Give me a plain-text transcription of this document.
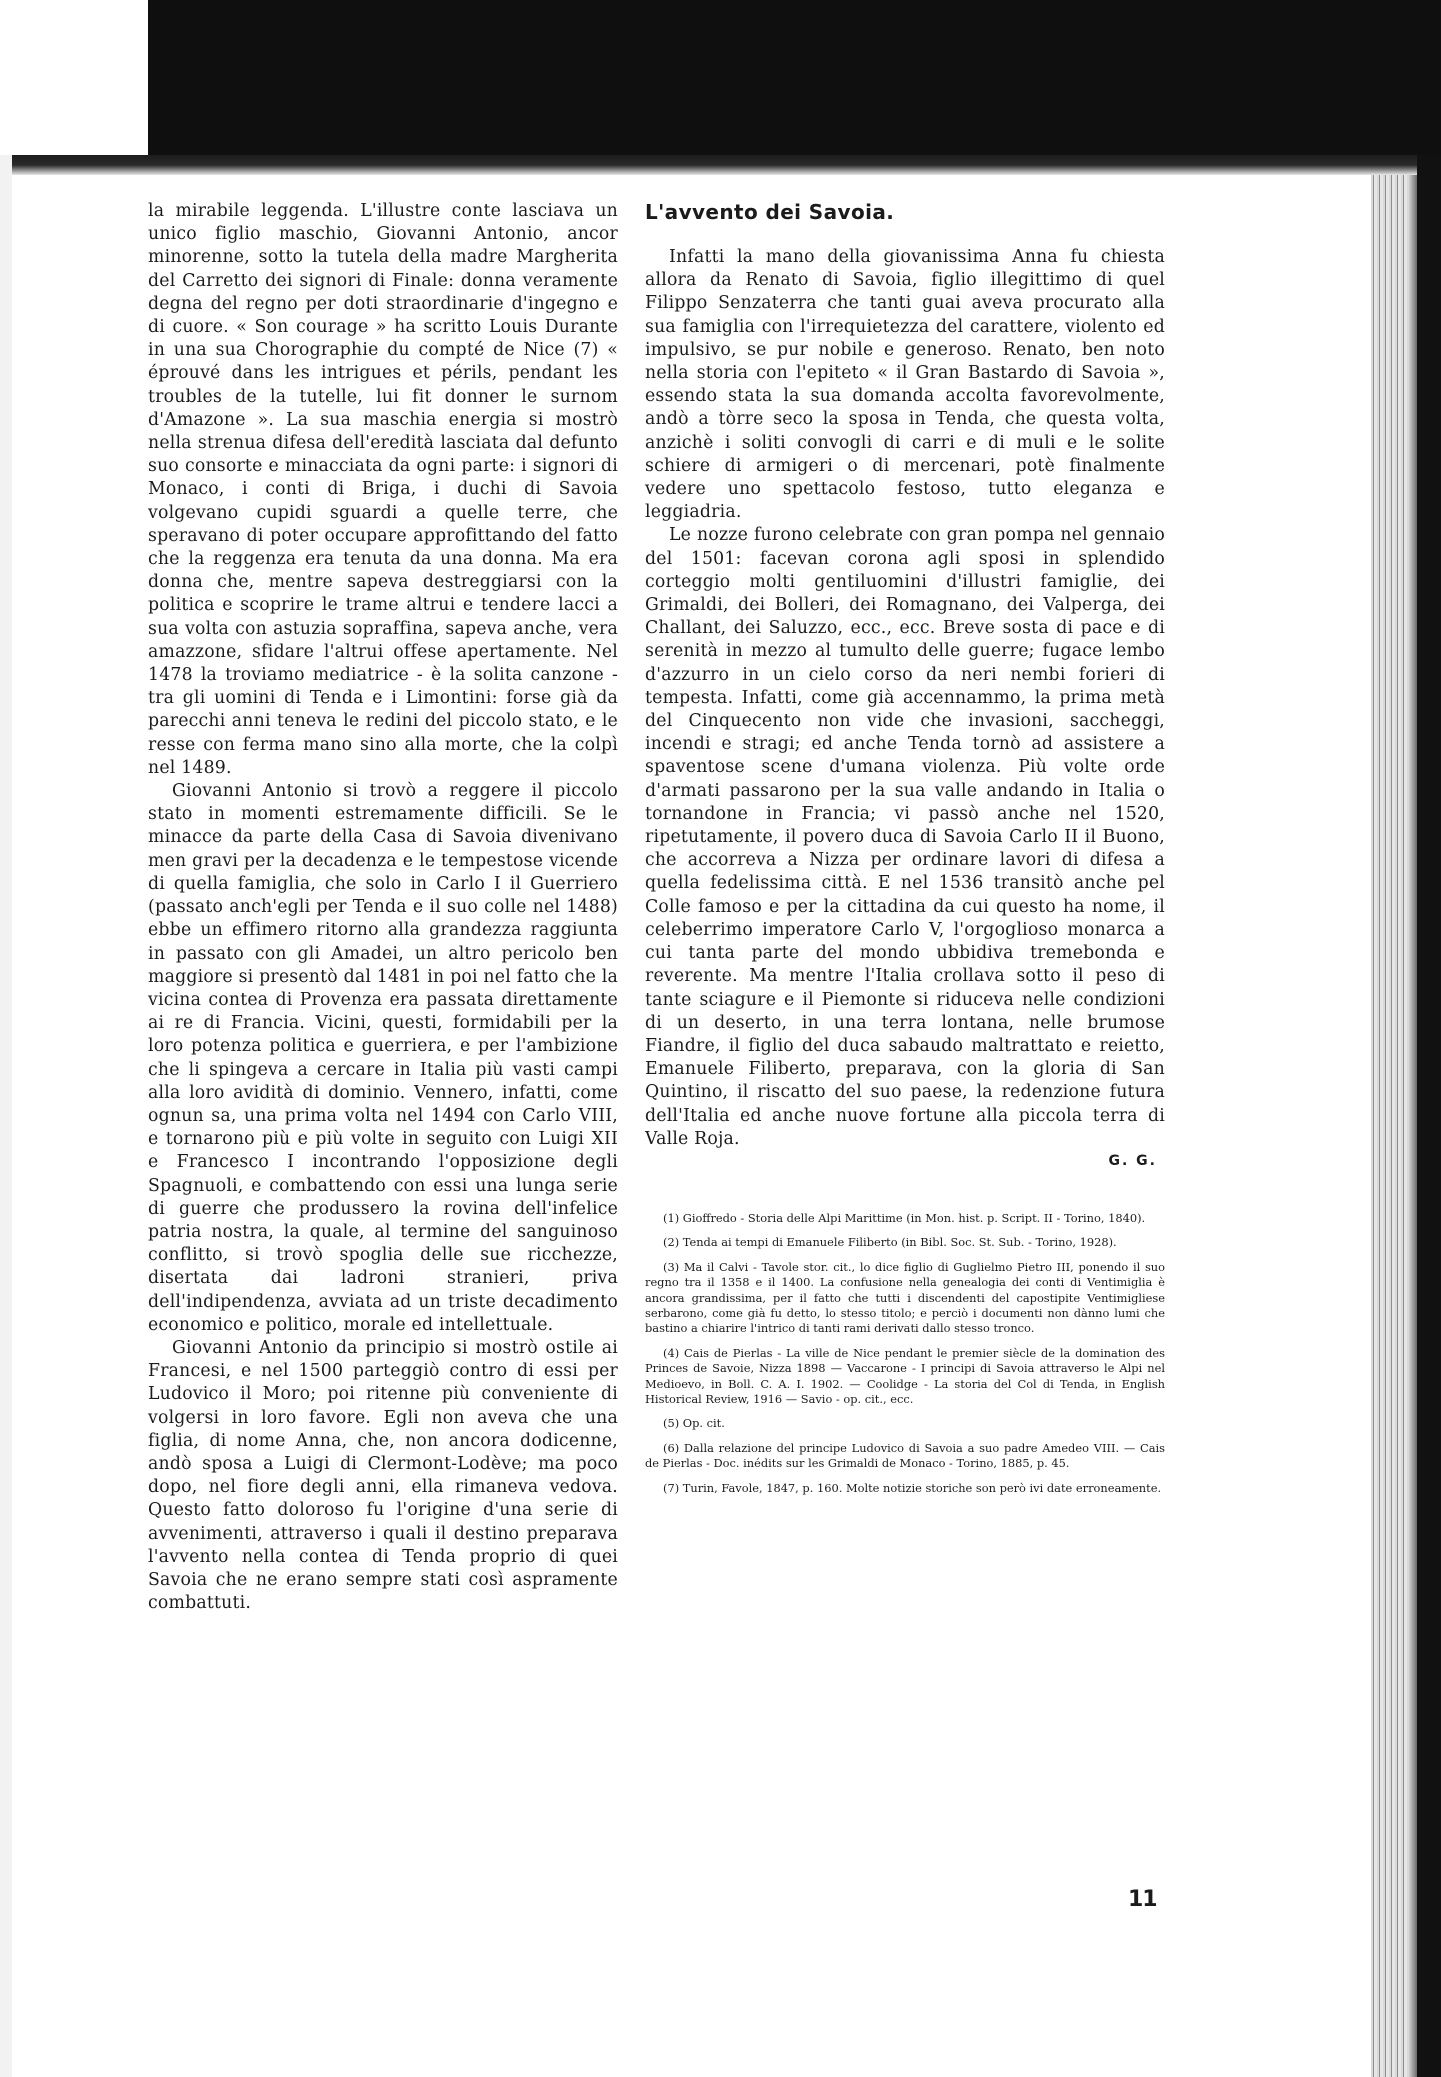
la mirabile leggenda. L'illustre conte lasciava un unico figlio maschio, Giovanni Antonio, ancor minorenne, sotto la tutela della madre Margherita del Carretto dei signori di Finale: donna veramente degna del regno per doti straordinarie d'ingegno e di cuore. « Son courage » ha scritto Louis Durante in una sua Chorographie du compté de Nice (7) « éprouvé dans les intrigues et périls, pendant les troubles de la tutelle, lui fit donner le surnom d'Amazone ». La sua maschia energia si mostrò nella strenua difesa dell'eredità lasciata dal defunto suo consorte e minacciata da ogni parte: i signori di Monaco, i conti di Briga, i duchi di Savoia volgevano cupidi sguardi a quelle terre, che speravano di poter occupare approfittando del fatto che la reggenza era tenuta da una donna. Ma era donna che, mentre sapeva destreggiarsi con la politica e scoprire le trame altrui e tendere lacci a sua volta con astuzia sopraffina, sapeva anche, vera amazzone, sfidare l'altrui offese apertamente. Nel 1478 la troviamo mediatrice - è la solita canzone - tra gli uomini di Tenda e i Limontini: forse già da parecchi anni teneva le redini del piccolo stato, e le resse con ferma mano sino alla morte, che la colpì nel 1489.

Giovanni Antonio si trovò a reggere il piccolo stato in momenti estremamente difficili. Se le minacce da parte della Casa di Savoia divenivano men gravi per la decadenza e le tempestose vicende di quella famiglia, che solo in Carlo I il Guerriero (passato anch'egli per Tenda e il suo colle nel 1488) ebbe un effimero ritorno alla grandezza raggiunta in passato con gli Amadei, un altro pericolo ben maggiore si presentò dal 1481 in poi nel fatto che la vicina contea di Provenza era passata direttamente ai re di Francia. Vicini, questi, formidabili per la loro potenza politica e guerriera, e per l'ambizione che li spingeva a cercare in Italia più vasti campi alla loro avidità di dominio. Vennero, infatti, come ognun sa, una prima volta nel 1494 con Carlo VIII, e tornarono più e più volte in seguito con Luigi XII e Francesco I incontrando l'opposizione degli Spagnuoli, e combattendo con essi una lunga serie di guerre che produssero la rovina dell'infelice patria nostra, la quale, al termine del sanguinoso conflitto, si trovò spoglia delle sue ricchezze, disertata dai ladroni stranieri, priva dell'indipendenza, avviata ad un triste decadimento economico e politico, morale ed intellettuale.

Giovanni Antonio da principio si mostrò ostile ai Francesi, e nel 1500 parteggiò contro di essi per Ludovico il Moro; poi ritenne più conveniente di volgersi in loro favore. Egli non aveva che una figlia, di nome Anna, che, non ancora dodicenne, andò sposa a Luigi di Clermont-Lodève; ma poco dopo, nel fiore degli anni, ella rimaneva vedova. Questo fatto doloroso fu l'origine d'una serie di avvenimenti, attraverso i quali il destino preparava l'avvento nella contea di Tenda proprio di quei Savoia che ne erano sempre stati così aspramente combattuti.

L'avvento dei Savoia.

Infatti la mano della giovanissima Anna fu chiesta allora da Renato di Savoia, figlio illegittimo di quel Filippo Senzaterra che tanti guai aveva procurato alla sua famiglia con l'irrequietezza del carattere, violento ed impulsivo, se pur nobile e generoso. Renato, ben noto nella storia con l'epiteto « il Gran Bastardo di Savoia », essendo stata la sua domanda accolta favorevolmente, andò a tòrre seco la sposa in Tenda, che questa volta, anzichè i soliti convogli di carri e di muli e le solite schiere di armigeri o di mercenari, potè finalmente vedere uno spettacolo festoso, tutto eleganza e leggiadria.

Le nozze furono celebrate con gran pompa nel gennaio del 1501: facevan corona agli sposi in splendido corteggio molti gentiluomini d'illustri famiglie, dei Grimaldi, dei Bolleri, dei Romagnano, dei Valperga, dei Challant, dei Saluzzo, ecc., ecc. Breve sosta di pace e di serenità in mezzo al tumulto delle guerre; fugace lembo d'azzurro in un cielo corso da neri nembi forieri di tempesta. Infatti, come già accennammo, la prima metà del Cinquecento non vide che invasioni, saccheggi, incendi e stragi; ed anche Tenda tornò ad assistere a spaventose scene d'umana violenza. Più volte orde d'armati passarono per la sua valle andando in Italia o tornandone in Francia; vi passò anche nel 1520, ripetutamente, il povero duca di Savoia Carlo II il Buono, che accorreva a Nizza per ordinare lavori di difesa a quella fedelissima città. E nel 1536 transitò anche pel Colle famoso e per la cittadina da cui questo ha nome, il celeberrimo imperatore Carlo V, l'orgoglioso monarca a cui tanta parte del mondo ubbidiva tremebonda e reverente. Ma mentre l'Italia crollava sotto il peso di tante sciagure e il Piemonte si riduceva nelle condizioni di un deserto, in una terra lontana, nelle brumose Fiandre, il figlio del duca sabaudo maltrattato e reietto, Emanuele Filiberto, preparava, con la gloria di San Quintino, il riscatto del suo paese, la redenzione futura dell'Italia ed anche nuove fortune alla piccola terra di Valle Roja.

G. G.

(1) Gioffredo - Storia delle Alpi Marittime (in Mon. hist. p. Script. II - Torino, 1840).

(2) Tenda ai tempi di Emanuele Filiberto (in Bibl. Soc. St. Sub. - Torino, 1928).

(3) Ma il Calvi - Tavole stor. cit., lo dice figlio di Guglielmo Pietro III, ponendo il suo regno tra il 1358 e il 1400. La confusione nella genealogia dei conti di Ventimiglia è ancora grandissima, per il fatto che tutti i discendenti del capostipite Ventimigliese serbarono, come già fu detto, lo stesso titolo; e perciò i documenti non dànno lumi che bastino a chiarire l'intrico di tanti rami derivati dallo stesso tronco.

(4) Cais de Pierlas - La ville de Nice pendant le premier siècle de la domination des Princes de Savoie, Nizza 1898 — Vaccarone - I principi di Savoia attraverso le Alpi nel Medioevo, in Boll. C. A. I. 1902. — Coolidge - La storia del Col di Tenda, in English Historical Review, 1916 — Savio - op. cit., ecc.

(5) Op. cit.

(6) Dalla relazione del principe Ludovico di Savoia a suo padre Amedeo VIII. — Cais de Pierlas - Doc. inédits sur les Grimaldi de Monaco - Torino, 1885, p. 45.

(7) Turin, Favole, 1847, p. 160. Molte notizie storiche son però ivi date erroneamente.

11
